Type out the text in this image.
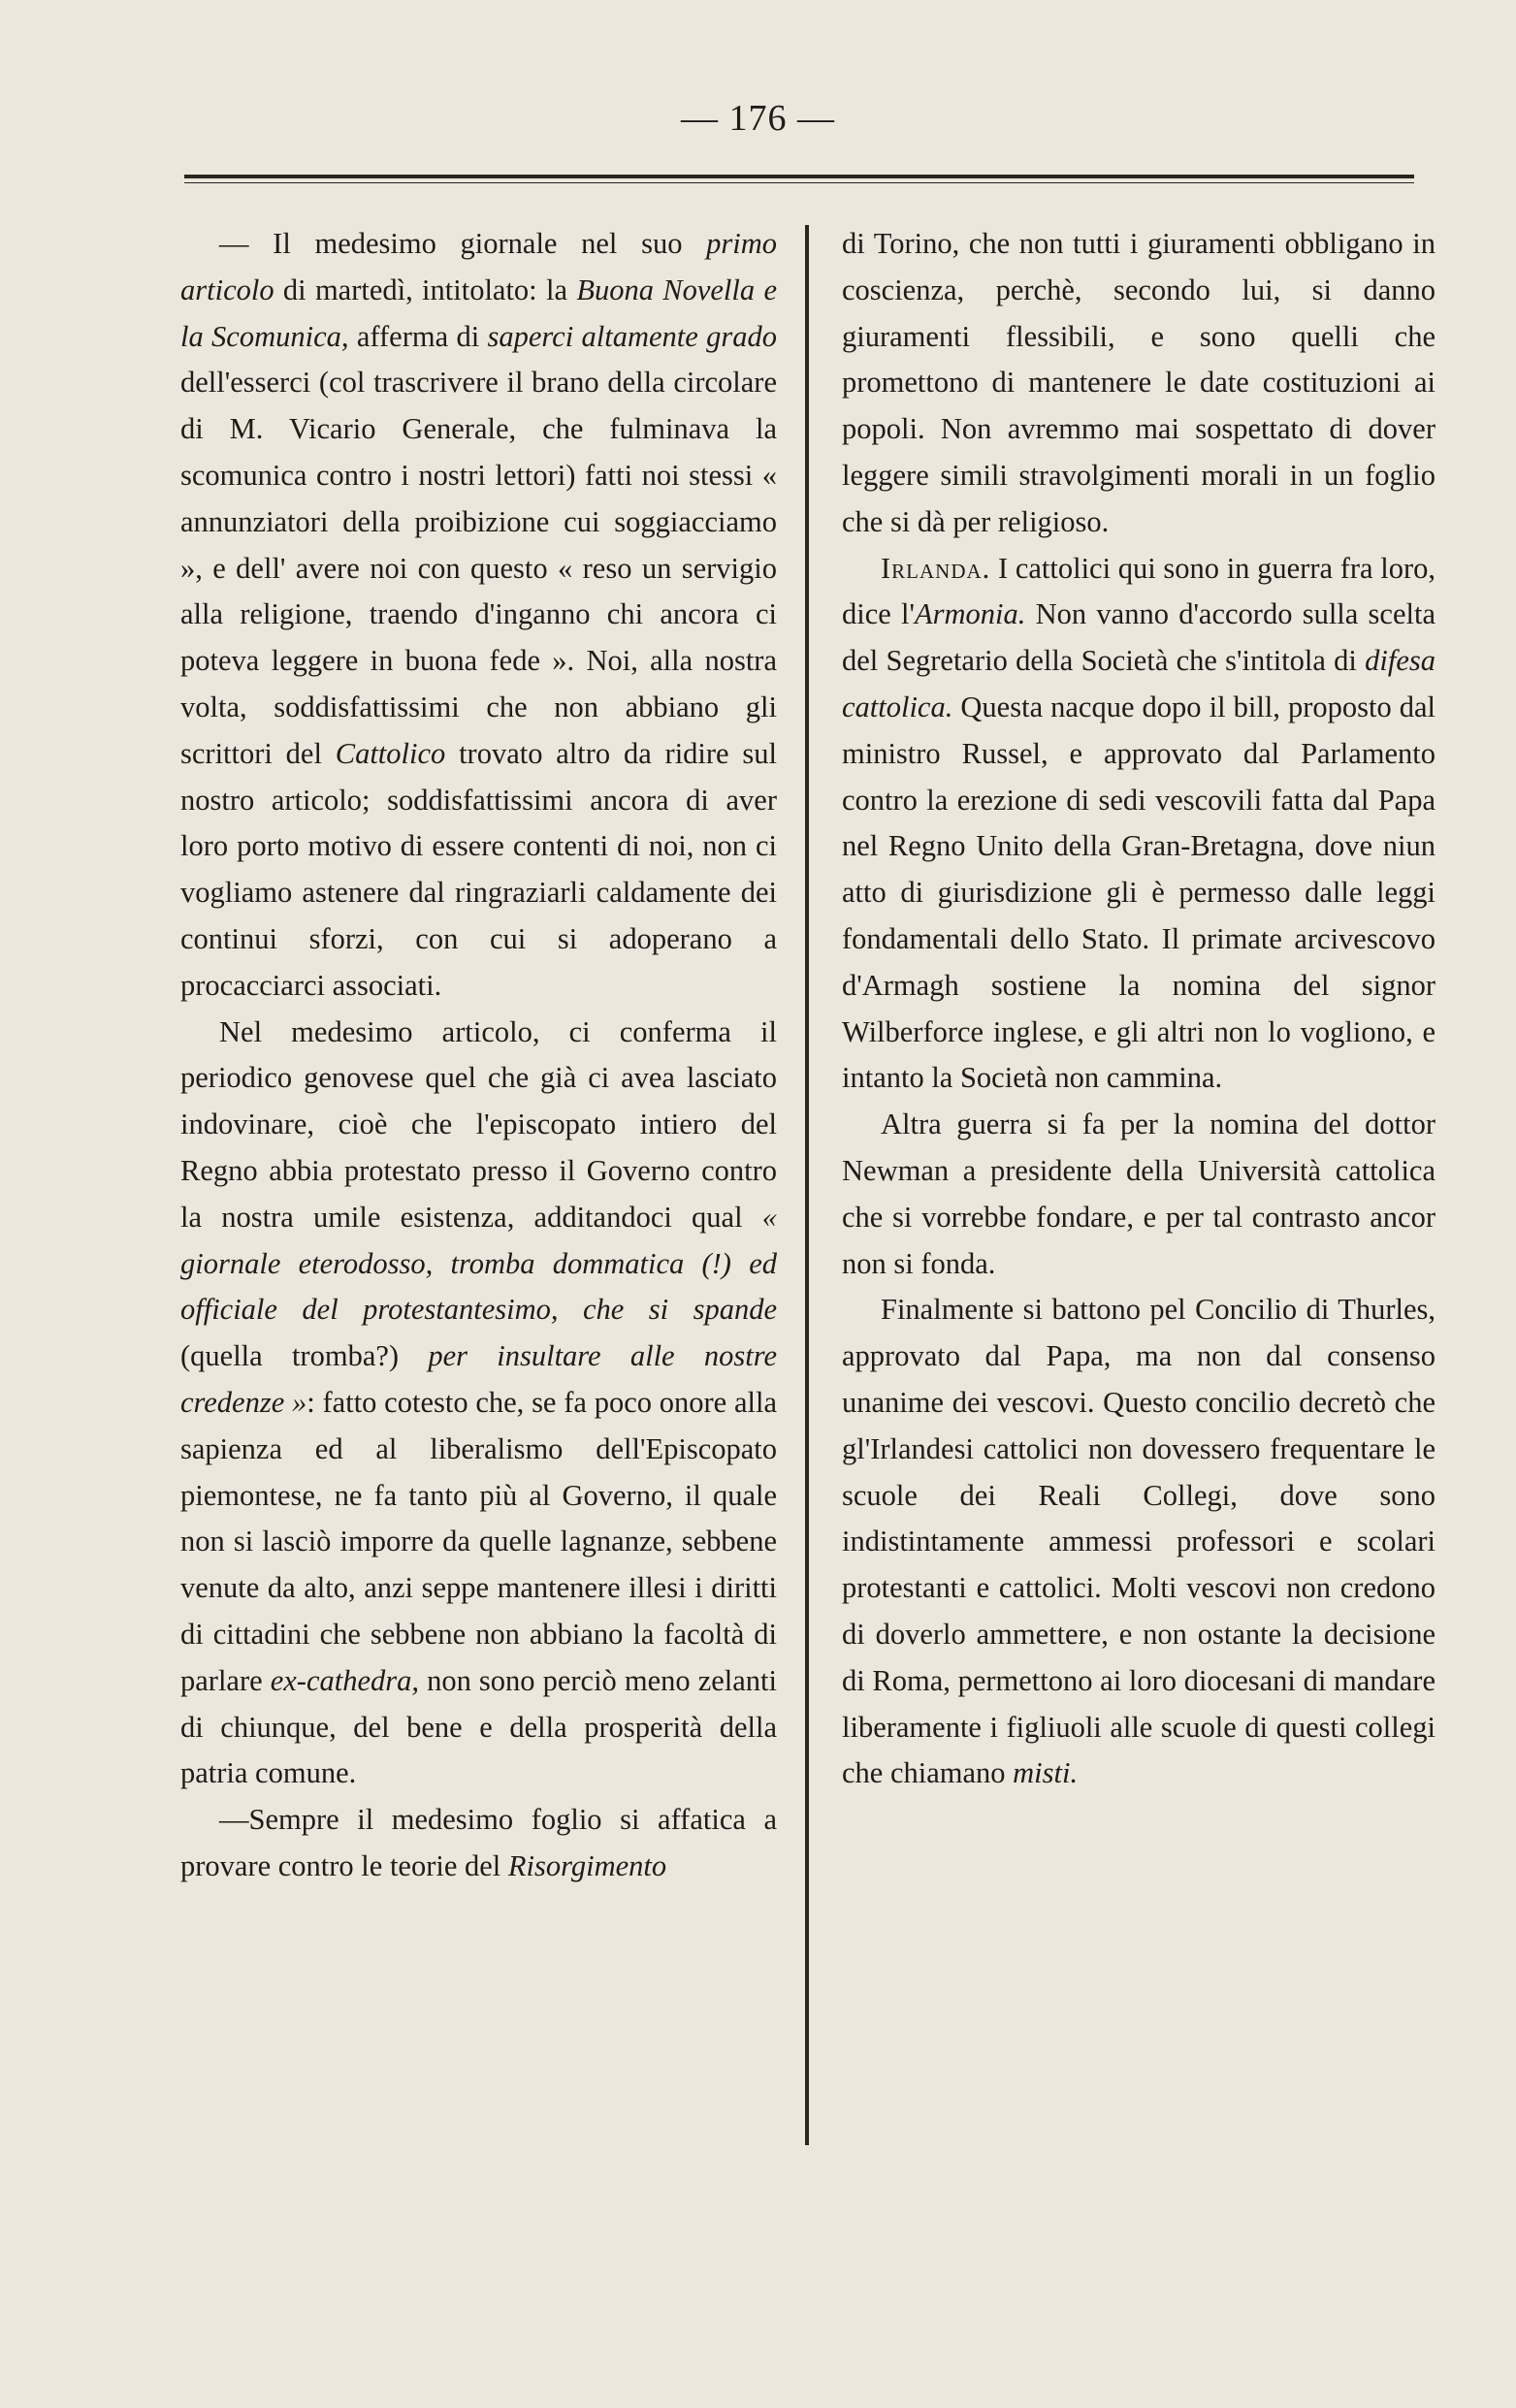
— 176 —

— Il medesimo giornale nel suo primo articolo di martedì, intitolato: la Buona Novella e la Scomunica, afferma di saperci altamente grado dell'esserci (col trascrivere il brano della circolare di M. Vicario Generale, che fulminava la scomunica contro i nostri lettori) fatti noi stessi « annunziatori della proibizione cui soggiacciamo », e dell' avere noi con questo « reso un servigio alla religione, traendo d'inganno chi ancora ci poteva leggere in buona fede ». Noi, alla nostra volta, soddisfattissimi che non abbiano gli scrittori del Cattolico trovato altro da ridire sul nostro articolo; soddisfattissimi ancora di aver loro porto motivo di essere contenti di noi, non ci vogliamo astenere dal ringraziarli caldamente dei continui sforzi, con cui si adoperano a procacciarci associati.

Nel medesimo articolo, ci conferma il periodico genovese quel che già ci avea lasciato indovinare, cioè che l'episcopato intiero del Regno abbia protestato presso il Governo contro la nostra umile esistenza, additandoci qual « giornale eterodosso, tromba dommatica (!) ed officiale del protestantesimo, che si spande (quella tromba?) per insultare alle nostre credenze »: fatto cotesto che, se fa poco onore alla sapienza ed al liberalismo dell'Episcopato piemontese, ne fa tanto più al Governo, il quale non si lasciò imporre da quelle lagnanze, sebbene venute da alto, anzi seppe mantenere illesi i diritti di cittadini che sebbene non abbiano la facoltà di parlare ex-cathedra, non sono perciò meno zelanti di chiunque, del bene e della prosperità della patria comune.

—Sempre il medesimo foglio si affatica a provare contro le teorie del Risorgimento

di Torino, che non tutti i giuramenti obbligano in coscienza, perchè, secondo lui, si danno giuramenti flessibili, e sono quelli che promettono di mantenere le date costituzioni ai popoli. Non avremmo mai sospettato di dover leggere simili stravolgimenti morali in un foglio che si dà per religioso.

Irlanda. I cattolici qui sono in guerra fra loro, dice l'Armonia. Non vanno d'accordo sulla scelta del Segretario della Società che s'intitola di difesa cattolica. Questa nacque dopo il bill, proposto dal ministro Russel, e approvato dal Parlamento contro la erezione di sedi vescovili fatta dal Papa nel Regno Unito della Gran-Bretagna, dove niun atto di giurisdizione gli è permesso dalle leggi fondamentali dello Stato. Il primate arcivescovo d'Armagh sostiene la nomina del signor Wilberforce inglese, e gli altri non lo vogliono, e intanto la Società non cammina.

Altra guerra si fa per la nomina del dottor Newman a presidente della Università cattolica che si vorrebbe fondare, e per tal contrasto ancor non si fonda.

Finalmente si battono pel Concilio di Thurles, approvato dal Papa, ma non dal consenso unanime dei vescovi. Questo concilio decretò che gl'Irlandesi cattolici non dovessero frequentare le scuole dei Reali Collegi, dove sono indistintamente ammessi professori e scolari protestanti e cattolici. Molti vescovi non credono di doverlo ammettere, e non ostante la decisione di Roma, permettono ai loro diocesani di mandare liberamente i figliuoli alle scuole di questi collegi che chiamano misti.
